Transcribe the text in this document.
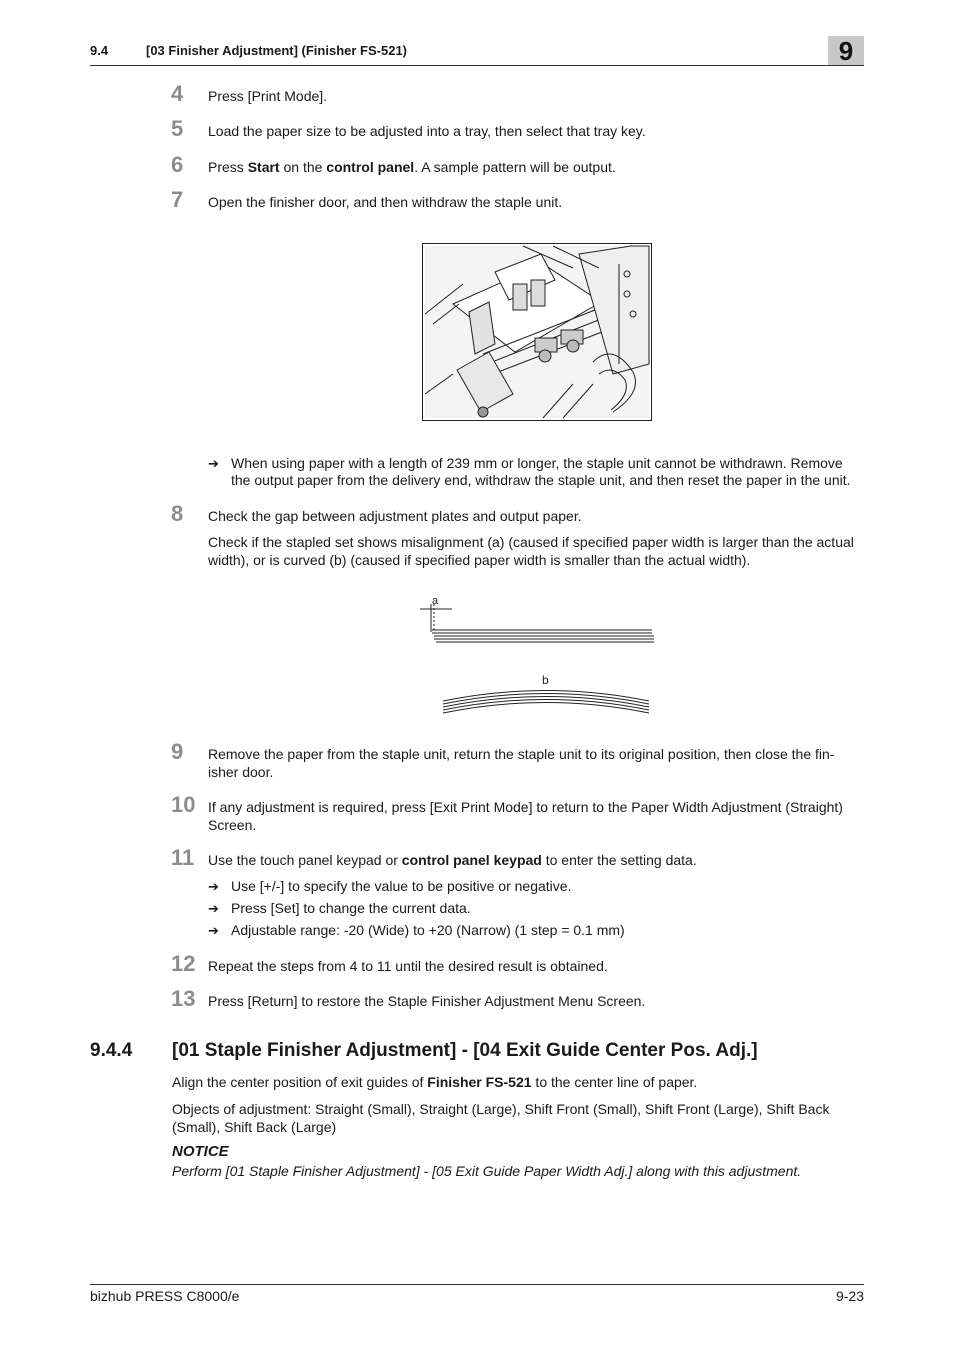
9.4	[03 Finisher Adjustment] (Finisher FS-521)	9
4	Press [Print Mode].
5	Load the paper size to be adjusted into a tray, then select that tray key.
6	Press Start on the control panel. A sample pattern will be output.
7	Open the finisher door, and then withdraw the staple unit.
➔ When using paper with a length of 239 mm or longer, the staple unit cannot be withdrawn. Remove the output paper from the delivery end, withdraw the staple unit, and then reset the paper in the unit.
8	Check the gap between adjustment plates and output paper.
Check if the stapled set shows misalignment (a) (caused if specified paper width is larger than the actual width), or is curved (b) (caused if specified paper width is smaller than the actual width).
a
b
9	Remove the paper from the staple unit, return the staple unit to its original position, then close the fin-isher door.
10 If any adjustment is required, press [Exit Print Mode] to return to the Paper Width Adjustment (Straight) Screen.
11 Use the touch panel keypad or control panel keypad to enter the setting data.
➔ Use [+/-] to specify the value to be positive or negative.
➔ Press [Set] to change the current data.
➔ Adjustable range: -20 (Wide) to +20 (Narrow) (1 step = 0.1 mm)
12 Repeat the steps from 4 to 11 until the desired result is obtained.
13 Press [Return] to restore the Staple Finisher Adjustment Menu Screen.
9.4.4 [01 Staple Finisher Adjustment] - [04 Exit Guide Center Pos. Adj.]
Align the center position of exit guides of Finisher FS-521 to the center line of paper.
Objects of adjustment: Straight (Small), Straight (Large), Shift Front (Small), Shift Front (Large), Shift Back (Small), Shift Back (Large)
NOTICE
Perform [01 Staple Finisher Adjustment] - [05 Exit Guide Paper Width Adj.] along with this adjustment.
bizhub PRESS C8000/e	9-23
